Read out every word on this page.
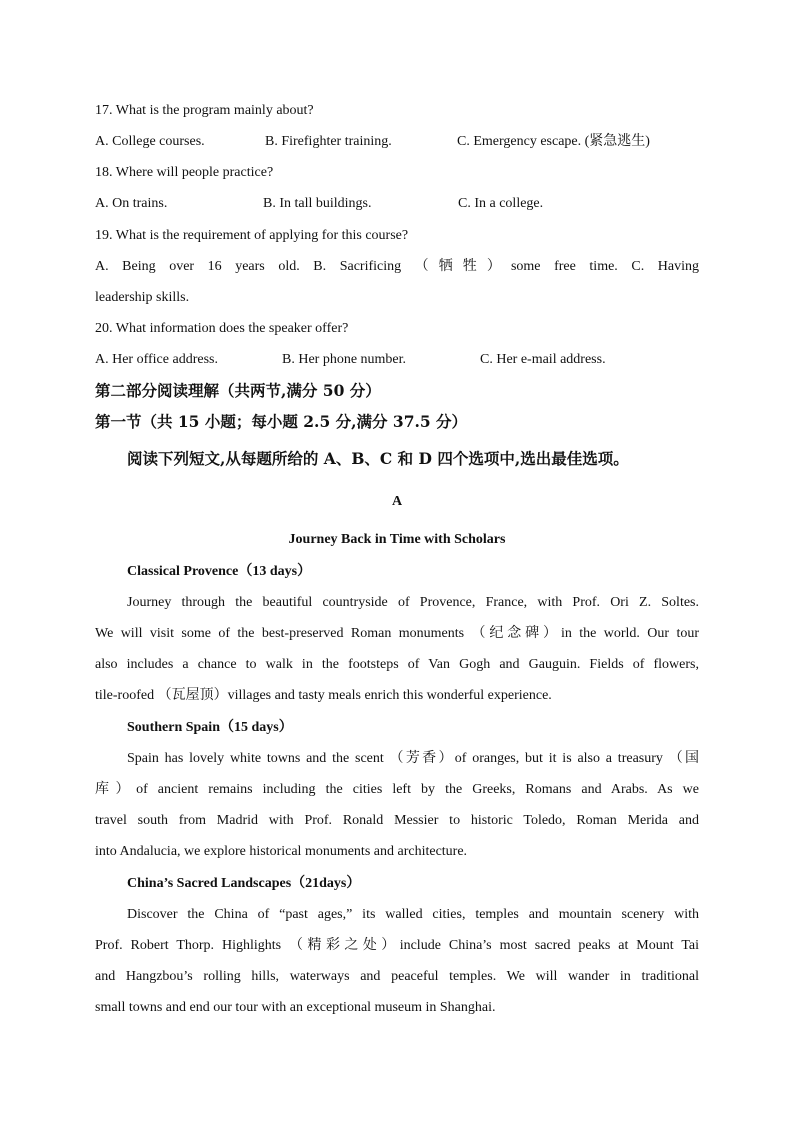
17. What is the program mainly about?
A. College courses.	B. Firefighter training.	C. Emergency escape. (紧急逃生)
18. Where will people practice?
A. On trains.	B. In tall buildings.	C. In a college.
19. What is the requirement of applying for this course?
A. Being over 16 years old. B. Sacrificing （牺牲）some free time. C. Having
leadership skills.
20. What information does the speaker offer?
A. Her office address.	B. Her phone number.	C. Her e-mail address.
第二部分阅读理解（共两节,满分 50 分）
第一节（共 15 小题；每小题 2.5 分,满分 37.5 分）
阅读下列短文,从每题所给的 A、B、C 和 D 四个选项中,选出最佳选项。
A
Journey Back in Time with Scholars
Classical Provence（13 days）
Journey through the beautiful countryside of Provence, France, with Prof. Ori Z. Soltes.
We will visit some of the best-preserved Roman monuments （纪念碑）in the world. Our tour
also includes a chance to walk in the footsteps of Van Gogh and Gauguin. Fields of flowers,
tile-roofed （瓦屋顶）villages and tasty meals enrich this wonderful experience.
Southern Spain（15 days）
Spain has lovely white towns and the scent （芳香）of oranges, but it is also a treasury （国
库）of ancient remains including the cities left by the Greeks, Romans and Arabs. As we
travel south from Madrid with Prof. Ronald Messier to historic Toledo, Roman Merida and
into Andalucia, we explore historical monuments and architecture.
China’s Sacred Landscapes（21days）
Discover the China of “past ages,” its walled cities, temples and mountain scenery with
Prof. Robert Thorp. Highlights （精彩之处）include China’s most sacred peaks at Mount Tai
and Hangzbou’s rolling hills, waterways and peaceful temples. We will wander in traditional
small towns and end our tour with an exceptional museum in Shanghai.
